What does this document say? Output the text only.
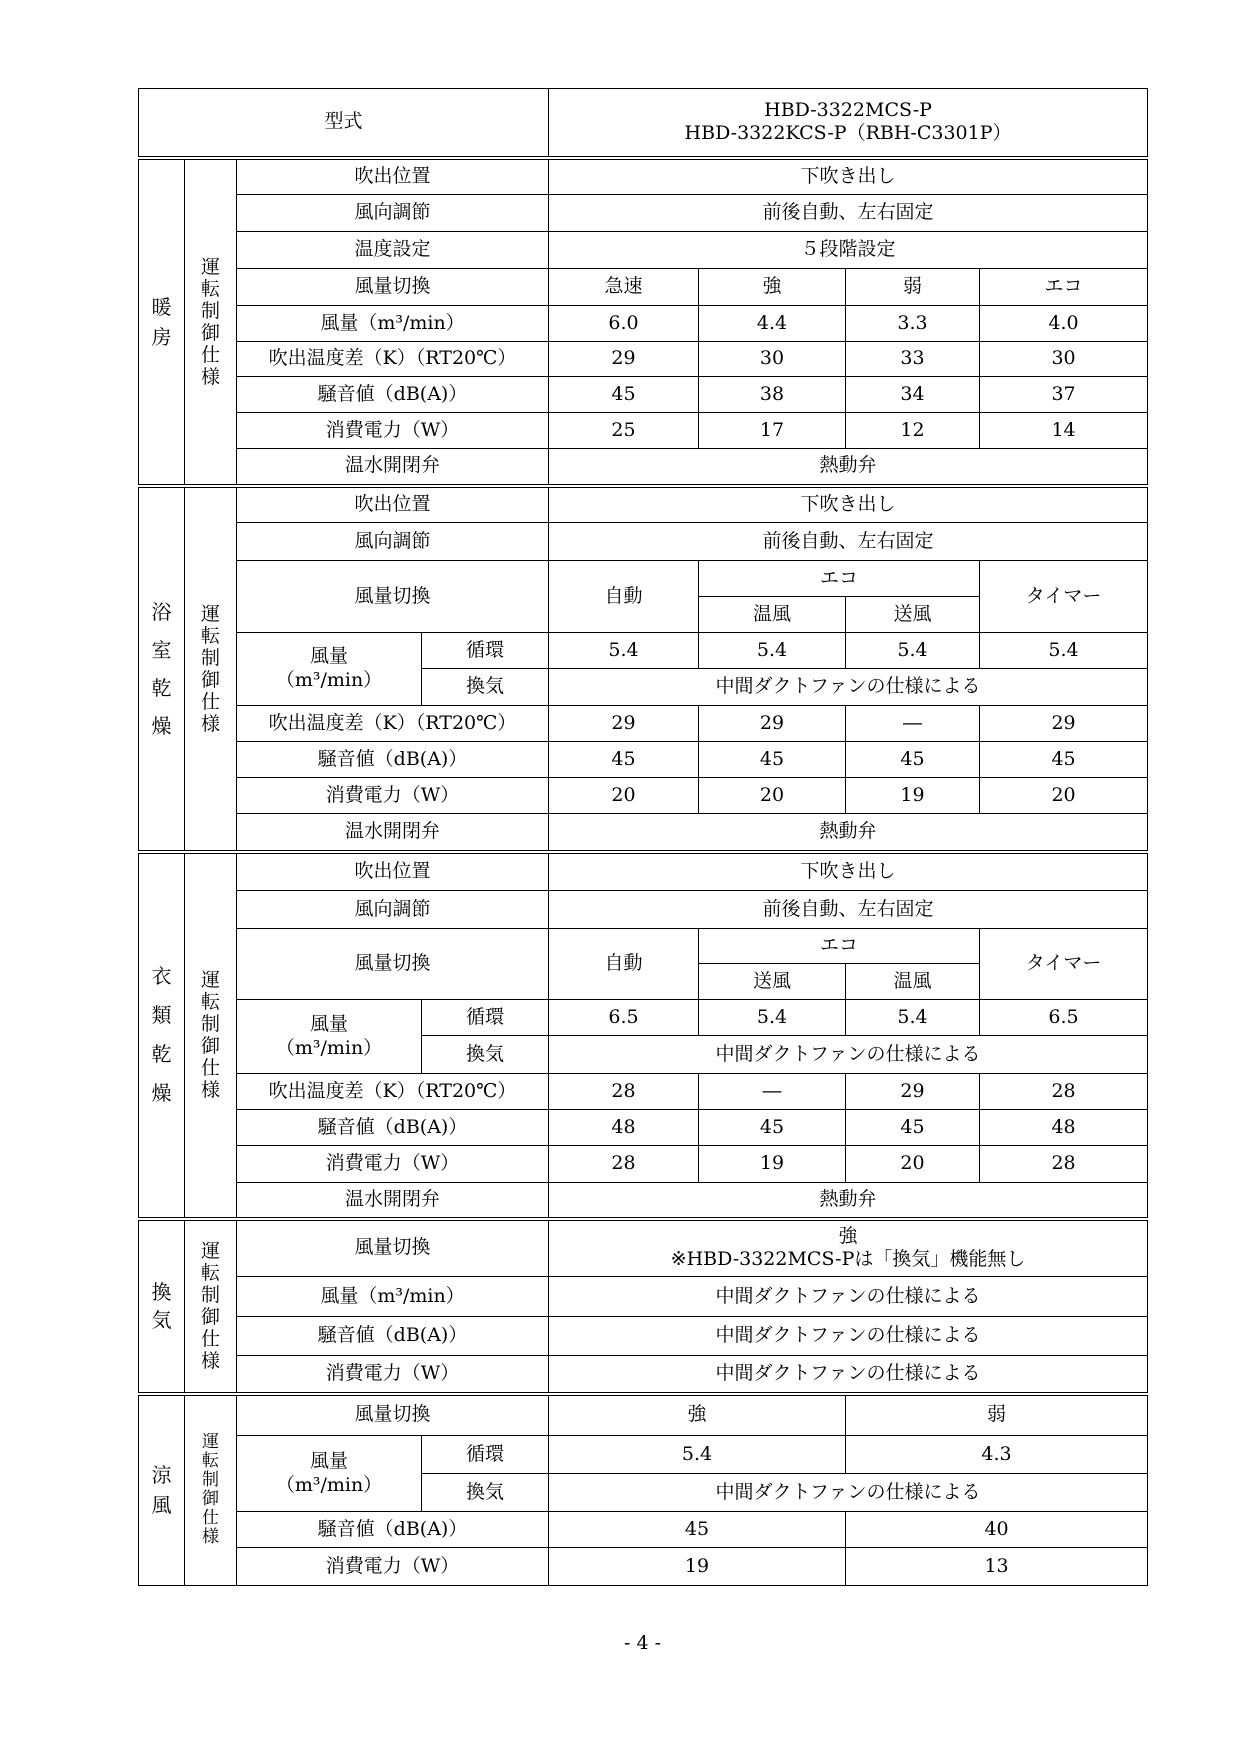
型式				HBD-3322MCS-P
HBD-3322KCS-P（RBH-C3301P）			

暖房	運転制御仕様	吹出位置		下吹き出し			
		風向調節		前後自動、左右固定			
		温度設定		５段階設定			
		風量切換		急速	強	弱	エコ
		風量（m³/min）		6.0	4.4	3.3	4.0
		吹出温度差（K）（RT20℃）		29	30	33	30
		騒音値（dB(A)）		45	38	34	37
		消費電力（W）		25	17	12	14
		温水開閉弁		熱動弁			

浴室乾燥	運転制御仕様	吹出位置		下吹き出し			
		風向調節		前後自動、左右固定			
		風量切換		自動	エコ		タイマー
					温風	送風	

		風量
（m³/min）	循環	5.4	5.4	5.4	5.4
			換気	中間ダクトファンの仕様による			
		吹出温度差（K）（RT20℃）		29	29	―	29
		騒音値（dB(A)）		45	45	45	45
		消費電力（W）		20	20	19	20
		温水開閉弁		熱動弁			

衣類乾燥	運転制御仕様	吹出位置		下吹き出し			
		風向調節		前後自動、左右固定			
		風量切換		自動	エコ		タイマー
					送風	温風	

		風量
（m³/min）	循環	6.5	5.4	5.4	6.5
			換気	中間ダクトファンの仕様による			
		吹出温度差（K）（RT20℃）		28	―	29	28
		騒音値（dB(A)）		48	45	45	48
		消費電力（W）		28	19	20	28
		温水開閉弁		熱動弁			

換気	運転制御仕様	風量切換		強
※HBD-3322MCS-Pは「換気」機能無し			

		風量（m³/min）		中間ダクトファンの仕様による			
		騒音値（dB(A)）		中間ダクトファンの仕様による			
		消費電力（W）		中間ダクトファンの仕様による			

涼風	運転制御仕様	風量切換		強		弱	

		風量
（m³/min）	循環	5.4		4.3	
			換気	中間ダクトファンの仕様による			
		騒音値（dB(A)）		45		40	
		消費電力（W）		19		13	
- 4 -
